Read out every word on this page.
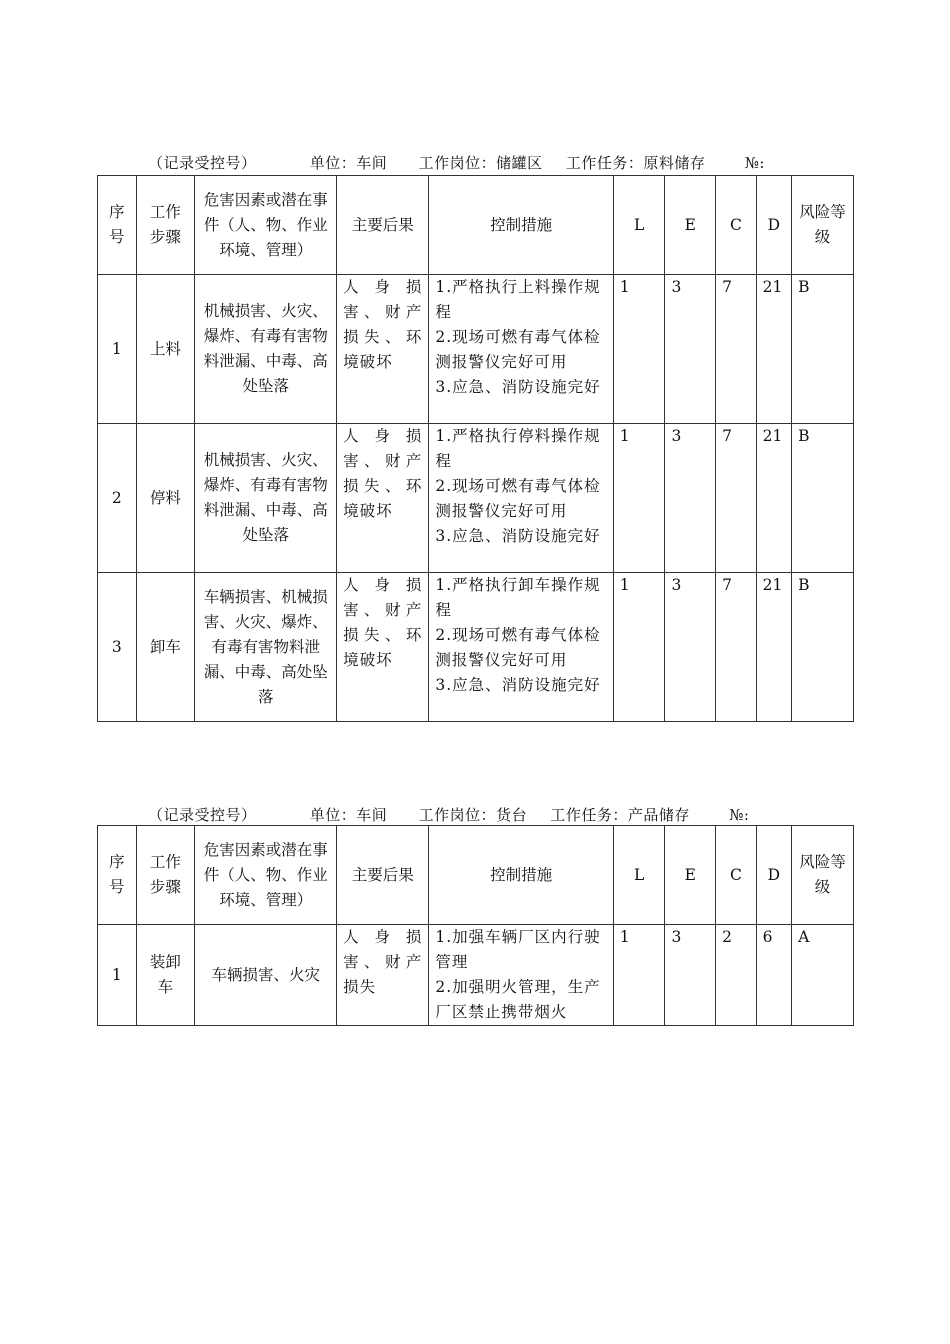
（记录受控号）	单位：车间 工作岗位：储罐区 工作任务：原料储存	№:
序号	工作步骤	危害因素或潜在事件（人、物、作业环境、管理）	主要后果	控制措施	L	E	C	D	风险等级
1	上料	机械损害、火灾、爆炸、有毒有害物料泄漏、中毒、高处坠落	人身损害、财产损失、环境破坏	1.严格执行上料操作规程
2.现场可燃有毒气体检测报警仪完好可用
3.应急、消防设施完好	1	3	7	21	B
2	停料	机械损害、火灾、爆炸、有毒有害物料泄漏、中毒、高处坠落	人身损害、财产损失、环境破坏	1.严格执行停料操作规程
2.现场可燃有毒气体检测报警仪完好可用
3.应急、消防设施完好	1	3	7	21	B
3	卸车	车辆损害、机械损害、火灾、爆炸、有毒有害物料泄漏、中毒、高处坠落	人身损害、财产损失、环境破坏	1.严格执行卸车操作规程
2.现场可燃有毒气体检测报警仪完好可用
3.应急、消防设施完好	1	3	7	21	B
（记录受控号）	单位：车间 工作岗位：货台 工作任务：产品储存	№:
序号	工作步骤	危害因素或潜在事件（人、物、作业环境、管理）	主要后果	控制措施	L	E	C	D	风险等级
1	装卸车	车辆损害、火灾	人身损害、财产损失	1.加强车辆厂区内行驶管理
2.加强明火管理，生产厂区禁止携带烟火	1	3	2	6	A
